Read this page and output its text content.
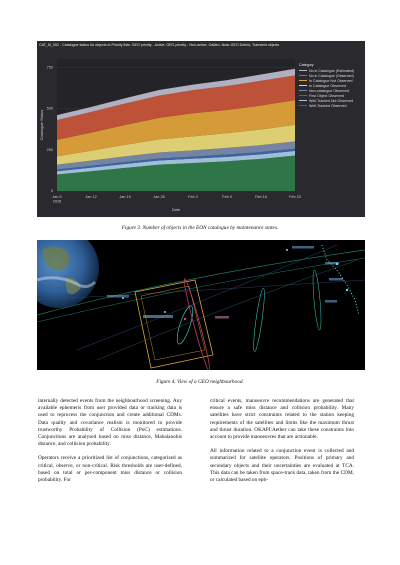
CAT_M_002 - Catalogue status for objects in Priority lists: GEO priority - Active, GEO priority - Non-active, Galileo, Near-GEO Debris, Transient objects
750
500
250
0
Jan 5
2026
Jan 12	Jan 19	Jan 26	Feb 2	Feb 9	Feb 16	Feb 23
Date
Catalogue Status
Category
No in Catalogue (Estimated)
No in Catalogue (Observed)
In Catalogue Not Observed
In Catalogue Observed
Non-catalogue Observed
First Object Observed
Well-Tracked Not Observed
Well-Tracked Observed
Figure 3. Number of objects in the EON catalogue by maintenance states.
Figure 4. View of a GEO neighbourhood.

internally detected events from the neighbourhood screening. Any available ephemeris from user provided data or tracking data is used to reprocess the conjunction and create additional CDMs. Data quality and covariance realism is monitored to provide trustworthy Probability of Collision (PoC) estimations. Conjunctions are analysed based on miss distance, Mahalanobis distance, and collision probability.

Operators receive a prioritized list of conjunctions, categorized as critical, observe, or non-critical. Risk thresholds are user-defined, based on total or per-component miss distance or collision probability. For

critical events, manoeuvre recommendations are generated that ensure a safe miss distance and collision probability. Many satellites have strict constraints related to the station keeping requirements of the satellites and limits like the maximum thrust and thrust duration. OKAPI:Aether can take these constraints into account to provide manoeuvres that are actionable.

All information related to a conjunction event is collected and summarized for satellite operators. Positions of primary and secondary objects and their uncertainties are evaluated at TCA. This data can be taken from space-track data, taken from the CDM, or calculated based on eph-
